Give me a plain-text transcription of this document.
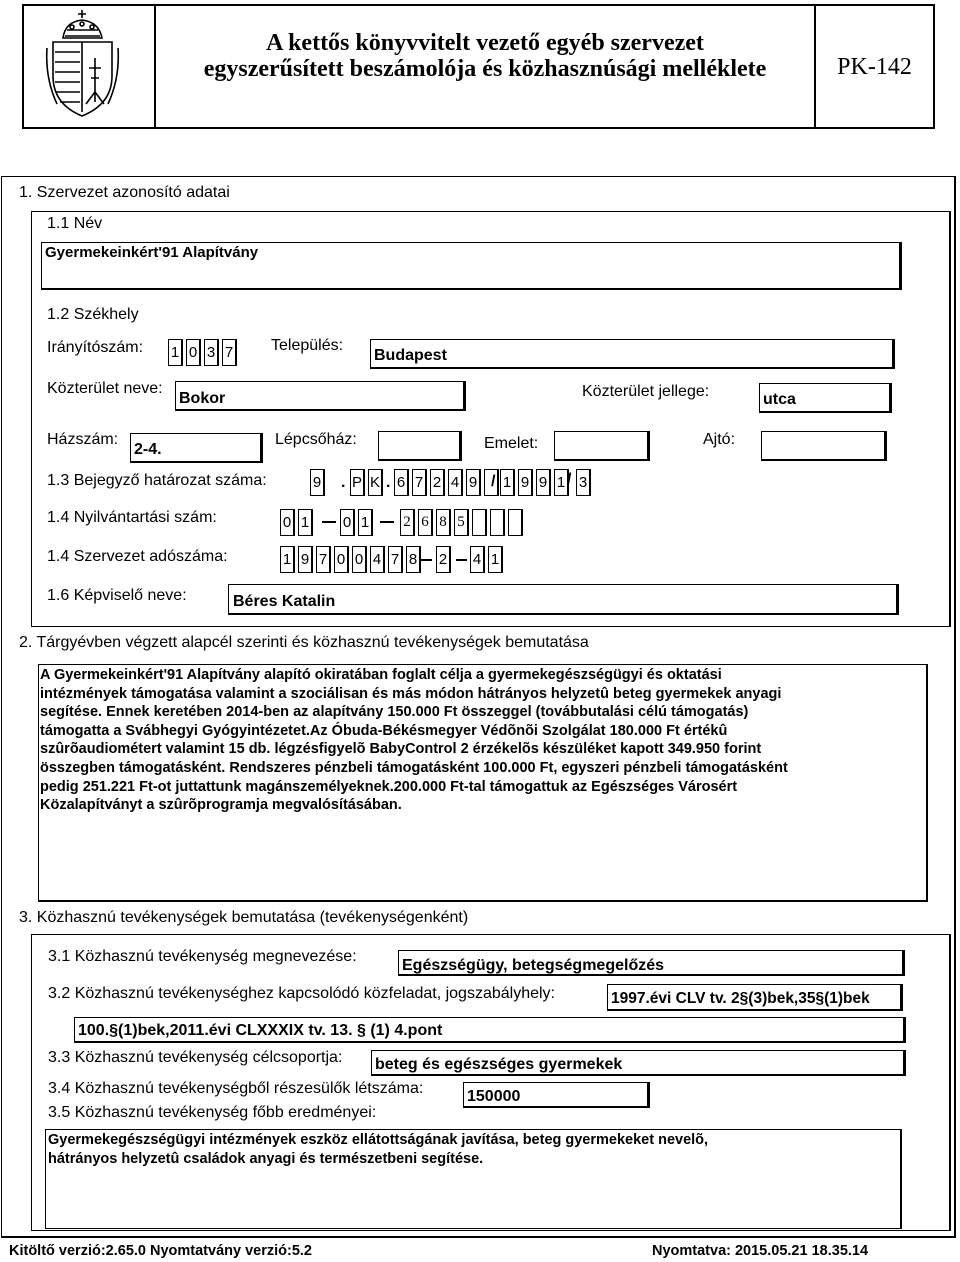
A kettős könyvvitelt vezető egyéb szervezet
egyszerűsített beszámolója és közhasznúsági melléklete	PK-142
1. Szervezet azonosító adatai
1.1 Név
Gyermekeinkért'91 Alapítvány
1.2 Székhely
Irányítószám: 1 0 3 7 Település:
Budapest
Közterület neve:
Bokor	Közterület jellege:	utca
Házszám:
2-4.
Lépcsőház:	Emelet:	Ajtó:
1.3 Bejegyző határozat száma:	9 . P K . 6 7 2 4 9 / 1 9 9 1 / 3
1.4 Nyilvántartási szám:	0 1 0 1 2 6 8 5
1.4 Szervezet adószáma:	1 9 7 0 0 4 7 8 2 4 1
1.6 Képviselő neve:	Béres Katalin
2. Tárgyévben végzett alapcél szerinti és közhasznú tevékenységek bemutatása
A Gyermekeinkért'91 Alapítvány alapító okiratában foglalt célja a gyermekegészségügyi és oktatási
intézmények támogatása valamint a szociálisan és más módon hátrányos helyzetû beteg gyermekek anyagi
segítése. Ennek keretében 2014-ben az alapítvány 150.000 Ft összeggel (továbbutalási célú támogatás)
támogatta a Svábhegyi Gyógyintézetet.Az Óbuda-Békésmegyer Védõnõi Szolgálat 180.000 Ft értékû
szûrõaudiométert valamint 15 db. légzésfigyelõ BabyControl 2 érzékelõs készüléket kapott 349.950 forint
összegben támogatásként. Rendszeres pénzbeli támogatásként 100.000 Ft, egyszeri pénzbeli támogatásként
pedig 251.221 Ft-ot juttattunk magánszemélyeknek.200.000 Ft-tal támogattuk az Egészséges Városért
Közalapítványt a szûrõprogramja megvalósításában.
3. Közhasznú tevékenységek bemutatása (tevékenységenként)
3.1 Közhasznú tevékenység megnevezése:
Egészségügy, betegségmegelőzés
3.2 Közhasznú tevékenységhez kapcsolódó közfeladat, jogszabályhely:	1997.évi CLV tv. 2§(3)bek,35§(1)bek
100.§(1)bek,2011.évi CLXXXIX tv. 13. § (1) 4.pont
3.3 Közhasznú tevékenység célcsoportja: beteg és egészséges gyermekek
3.4 Közhasznú tevékenységből részesülők létszáma:	150000
3.5 Közhasznú tevékenység főbb eredményei:
Gyermekegészségügyi intézmények eszköz ellátottságának javítása, beteg gyermekeket nevelõ,
hátrányos helyzetû családok anyagi és természetbeni segítése.
Kitöltő verzió:2.65.0 Nyomtatvány verzió:5.2	Nyomtatva: 2015.05.21 18.35.14
